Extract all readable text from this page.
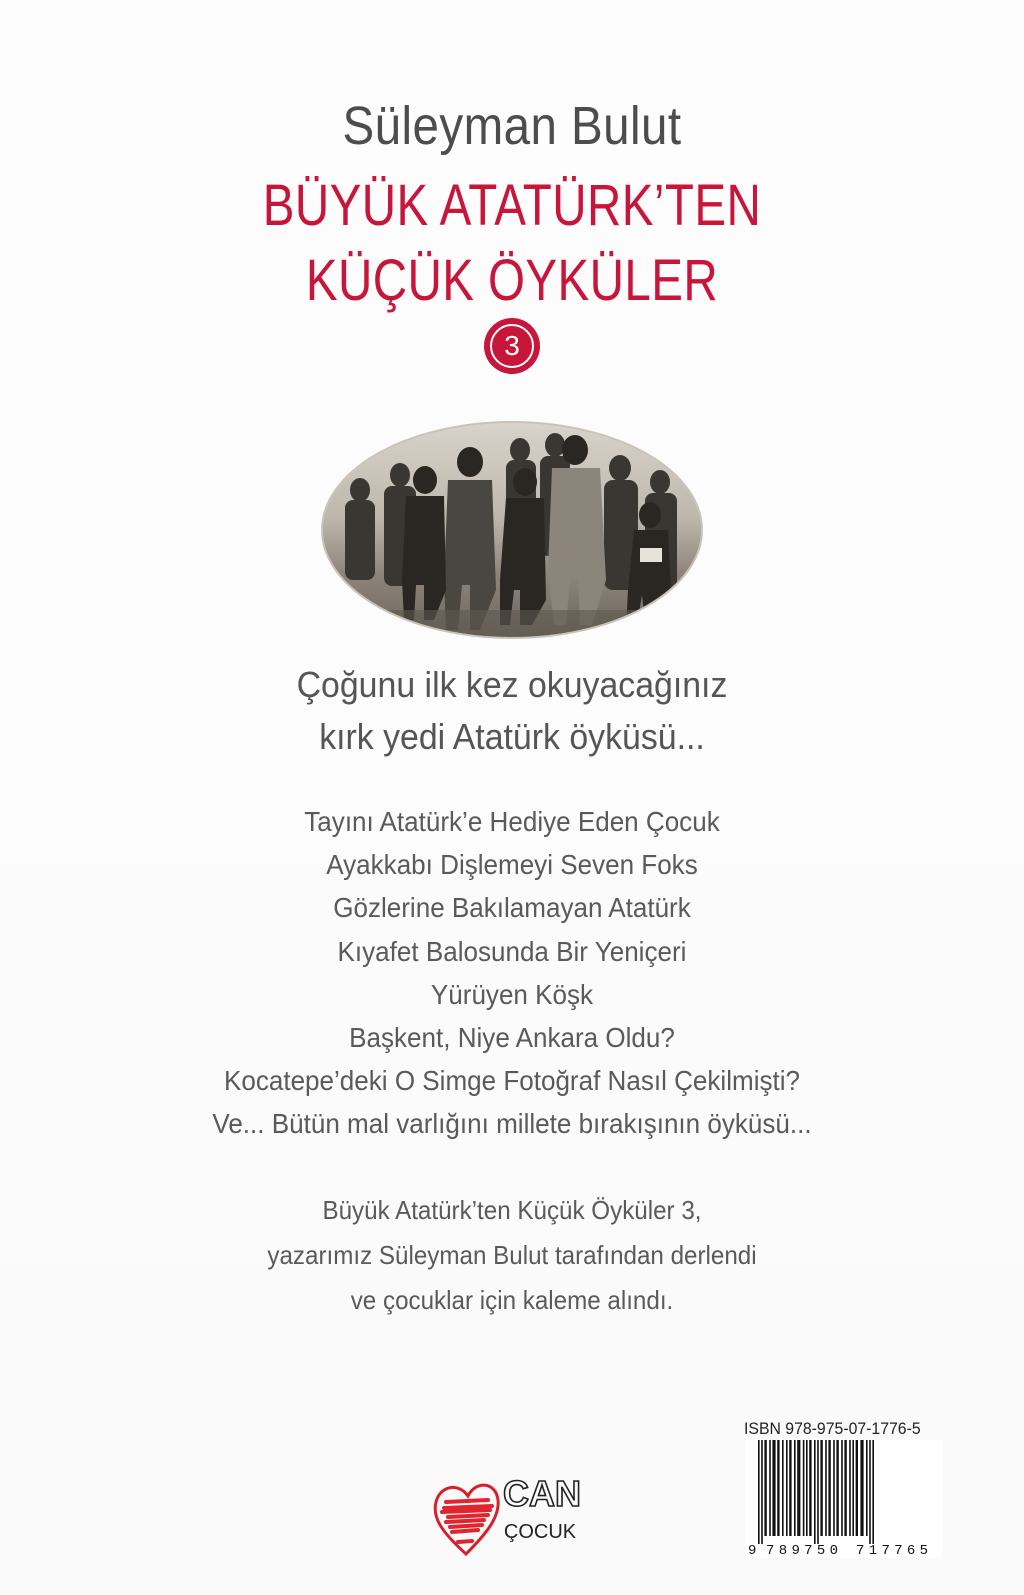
Süleyman Bulut
BÜYÜK ATATÜRK’TEN
KÜÇÜK ÖYKÜLER
3
Çoğunu ilk kez okuyacağınız
kırk yedi Atatürk öyküsü...
Tayını Atatürk’e Hediye Eden Çocuk
Ayakkabı Dişlemeyi Seven Foks
Gözlerine Bakılamayan Atatürk
Kıyafet Balosunda Bir Yeniçeri
Yürüyen Köşk
Başkent, Niye Ankara Oldu?
Kocatepe’deki O Simge Fotoğraf Nasıl Çekilmişti?
Ve... Bütün mal varlığını millete bırakışının öyküsü...
Büyük Atatürk’ten Küçük Öyküler 3,
yazarımız Süleyman Bulut tarafından derlendi
ve çocuklar için kaleme alındı.
CAN
ÇOCUK
ISBN 978-975-07-1776-5
9 789750 717765
